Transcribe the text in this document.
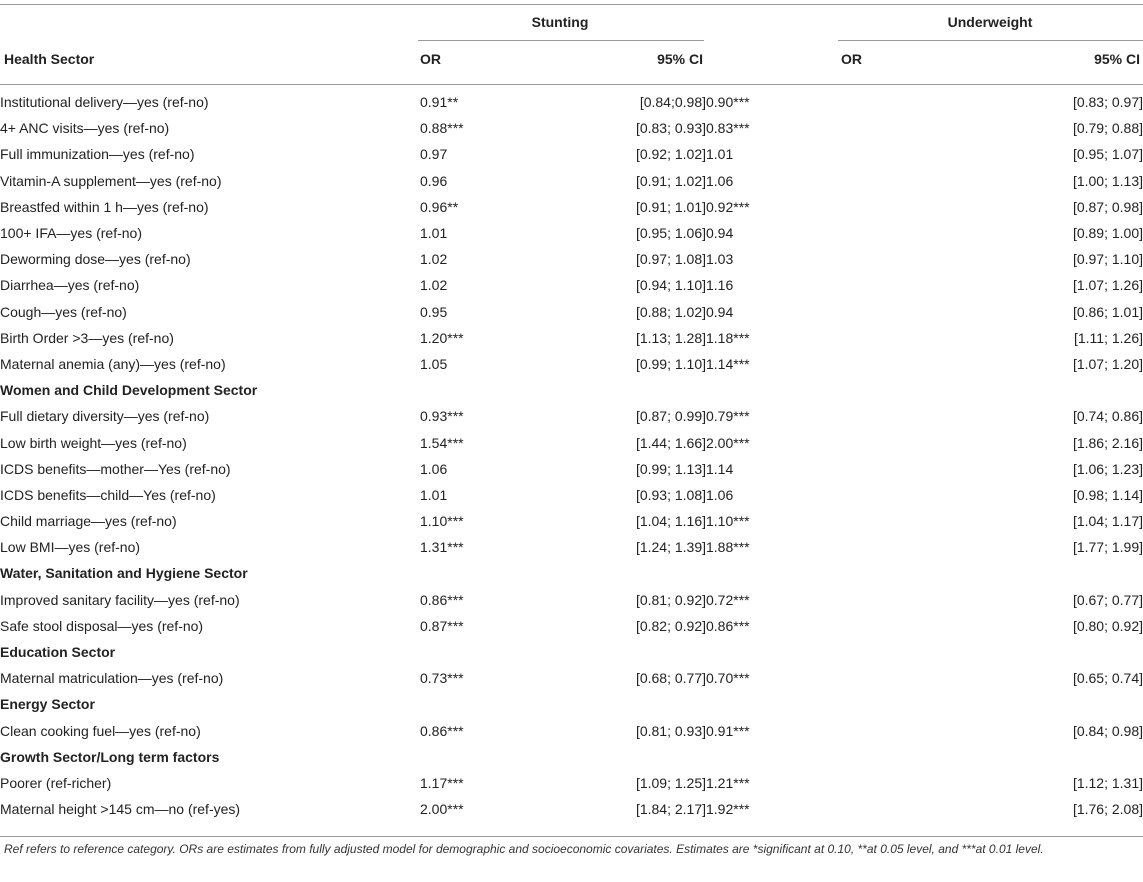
Stunting	Underweight
Health Sector	OR	95% CI	OR	95% CI
Institutional delivery—yes (ref-no)	0.91**	[0.84;0.98]	0.90***	[0.83; 0.97]
4+ ANC visits—yes (ref-no)	0.88***	[0.83; 0.93]	0.83***	[0.79; 0.88]
Full immunization—yes (ref-no)	0.97	[0.92; 1.02]	1.01	[0.95; 1.07]
Vitamin-A supplement—yes (ref-no)	0.96	[0.91; 1.02]	1.06	[1.00; 1.13]
Breastfed within 1 h—yes (ref-no)	0.96**	[0.91; 1.01]	0.92***	[0.87; 0.98]
100+ IFA—yes (ref-no)	1.01	[0.95; 1.06]	0.94	[0.89; 1.00]
Deworming dose—yes (ref-no)	1.02	[0.97; 1.08]	1.03	[0.97; 1.10]
Diarrhea—yes (ref-no)	1.02	[0.94; 1.10]	1.16	[1.07; 1.26]
Cough—yes (ref-no)	0.95	[0.88; 1.02]	0.94	[0.86; 1.01]
Birth Order >3—yes (ref-no)	1.20***	[1.13; 1.28]	1.18***	[1.11; 1.26]
Maternal anemia (any)—yes (ref-no)	1.05	[0.99; 1.10]	1.14***	[1.07; 1.20]
Women and Child Development Sector				
Full dietary diversity—yes (ref-no)	0.93***	[0.87; 0.99]	0.79***	[0.74; 0.86]
Low birth weight—yes (ref-no)	1.54***	[1.44; 1.66]	2.00***	[1.86; 2.16]
ICDS benefits—mother—Yes (ref-no)	1.06	[0.99; 1.13]	1.14	[1.06; 1.23]
ICDS benefits—child—Yes (ref-no)	1.01	[0.93; 1.08]	1.06	[0.98; 1.14]
Child marriage—yes (ref-no)	1.10***	[1.04; 1.16]	1.10***	[1.04; 1.17]
Low BMI—yes (ref-no)	1.31***	[1.24; 1.39]	1.88***	[1.77; 1.99]
Water, Sanitation and Hygiene Sector				
Improved sanitary facility—yes (ref-no)	0.86***	[0.81; 0.92]	0.72***	[0.67; 0.77]
Safe stool disposal—yes (ref-no)	0.87***	[0.82; 0.92]	0.86***	[0.80; 0.92]
Education Sector				
Maternal matriculation—yes (ref-no)	0.73***	[0.68; 0.77]	0.70***	[0.65; 0.74]
Energy Sector				
Clean cooking fuel—yes (ref-no)	0.86***	[0.81; 0.93]	0.91***	[0.84; 0.98]
Growth Sector/Long term factors				
Poorer (ref-richer)	1.17***	[1.09; 1.25]	1.21***	[1.12; 1.31]
Maternal height >145 cm—no (ref-yes)	2.00***	[1.84; 2.17]	1.92***	[1.76; 2.08]
Ref refers to reference category. ORs are estimates from fully adjusted model for demographic and socioeconomic covariates. Estimates are *significant at 0.10, **at 0.05 level, and ***at 0.01 level.
